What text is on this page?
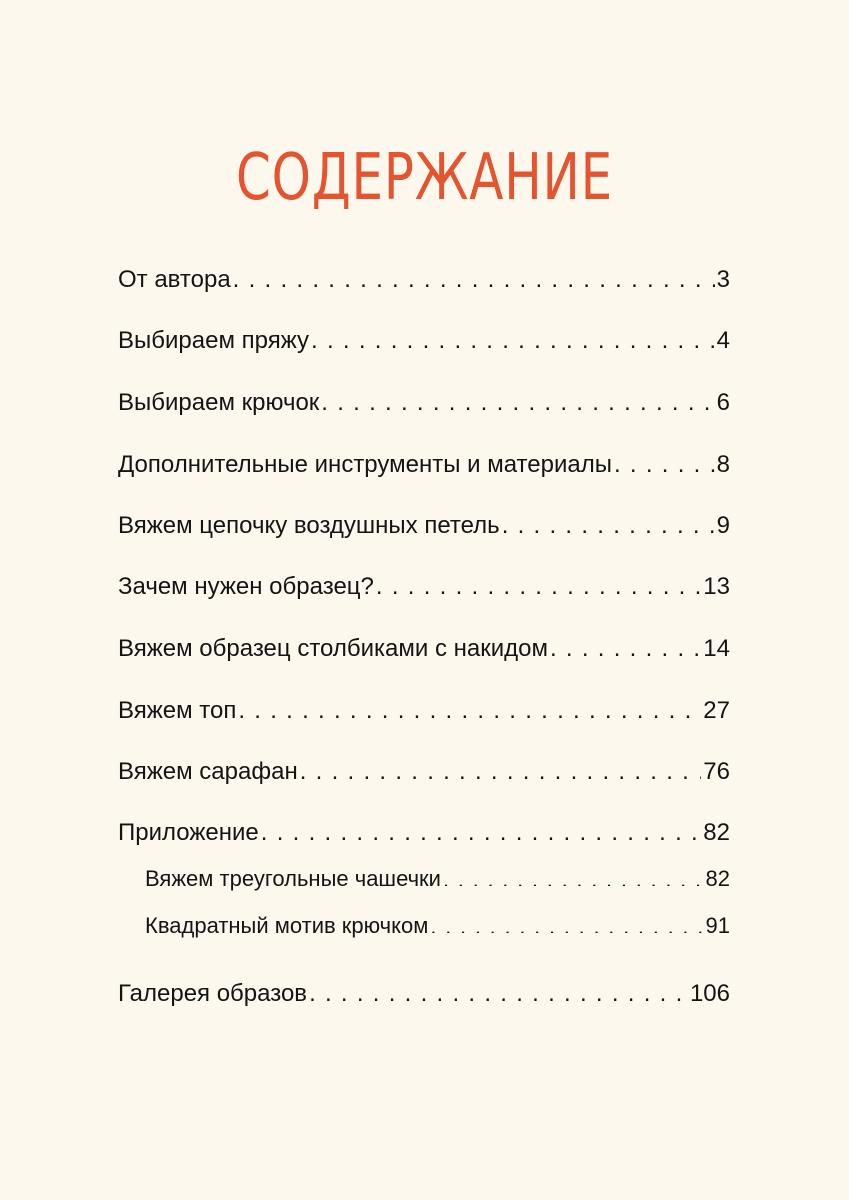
СОДЕРЖАНИЕ
От автора . . .	3
Выбираем пряжу . . .	4
Выбираем крючок . . .	6
Дополнительные инструменты и материалы . . .	8
Вяжем цепочку воздушных петель . . .	9
Зачем нужен образец? . . .	13
Вяжем образец столбиками с накидом . . .	14
Вяжем топ . . .	27
Вяжем сарафан . . .	76
Приложение . . .	82
Вяжем треугольные чашечки . . .	82
Квадратный мотив крючком . . .	91
Галерея образов . . .	106
